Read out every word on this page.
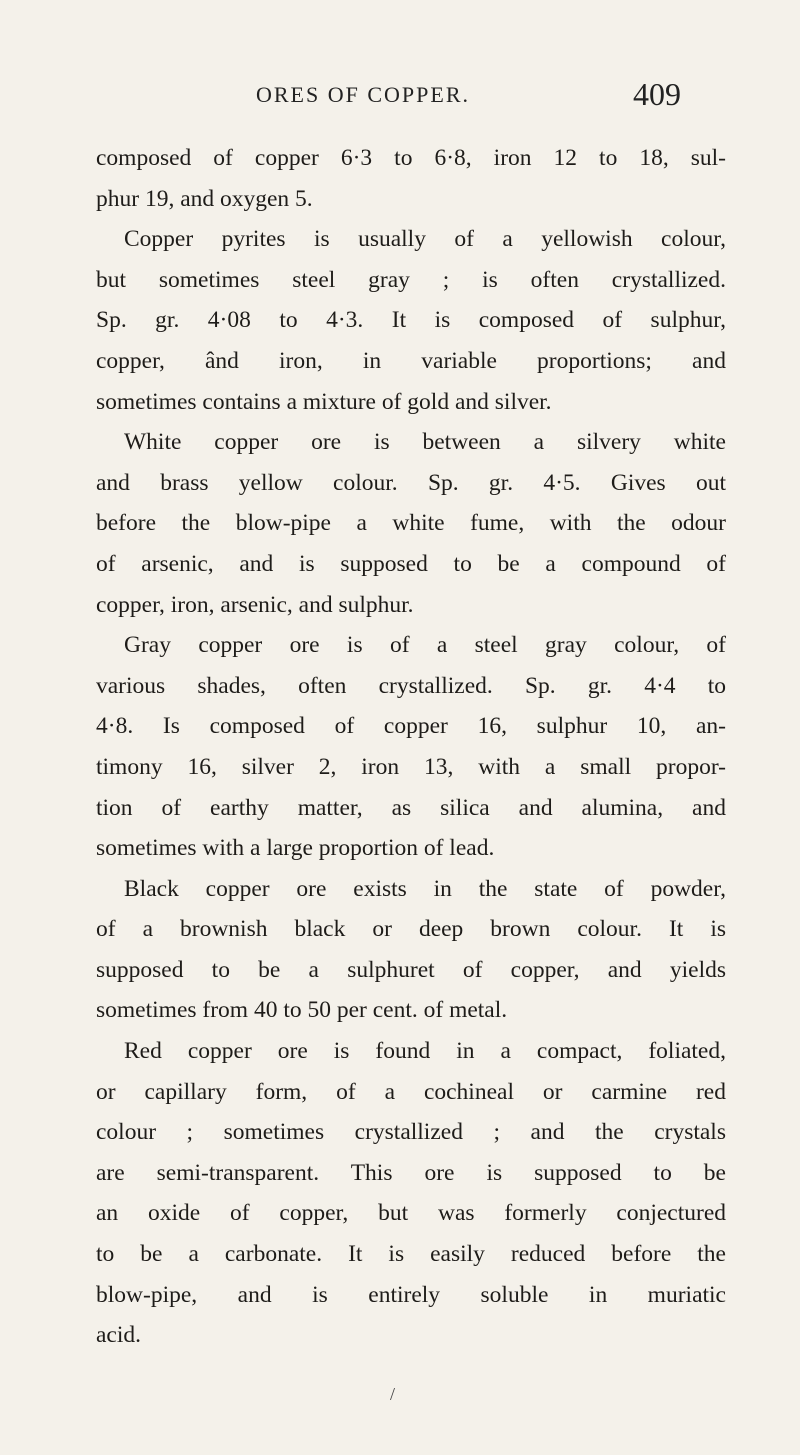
ORES OF COPPER.	409
composed of copper 6·3 to 6·8, iron 12 to 18, sul-
phur 19, and oxygen 5.
Copper pyrites is usually of a yellowish colour,
but sometimes steel gray ; is often crystallized.
Sp. gr. 4·08 to 4·3. It is composed of sulphur,
copper, ând iron, in variable proportions; and
sometimes contains a mixture of gold and silver.
White copper ore is between a silvery white
and brass yellow colour. Sp. gr. 4·5. Gives out
before the blow-pipe a white fume, with the odour
of arsenic, and is supposed to be a compound of
copper, iron, arsenic, and sulphur.
Gray copper ore is of a steel gray colour, of
various shades, often crystallized. Sp. gr. 4·4 to
4·8. Is composed of copper 16, sulphur 10, an-
timony 16, silver 2, iron 13, with a small propor-
tion of earthy matter, as silica and alumina, and
sometimes with a large proportion of lead.
Black copper ore exists in the state of powder,
of a brownish black or deep brown colour. It is
supposed to be a sulphuret of copper, and yields
sometimes from 40 to 50 per cent. of metal.
Red copper ore is found in a compact, foliated,
or capillary form, of a cochineal or carmine red
colour ; sometimes crystallized ; and the crystals
are semi-transparent. This ore is supposed to be
an oxide of copper, but was formerly conjectured
to be a carbonate. It is easily reduced before the
blow-pipe, and is entirely soluble in muriatic
acid.
/
